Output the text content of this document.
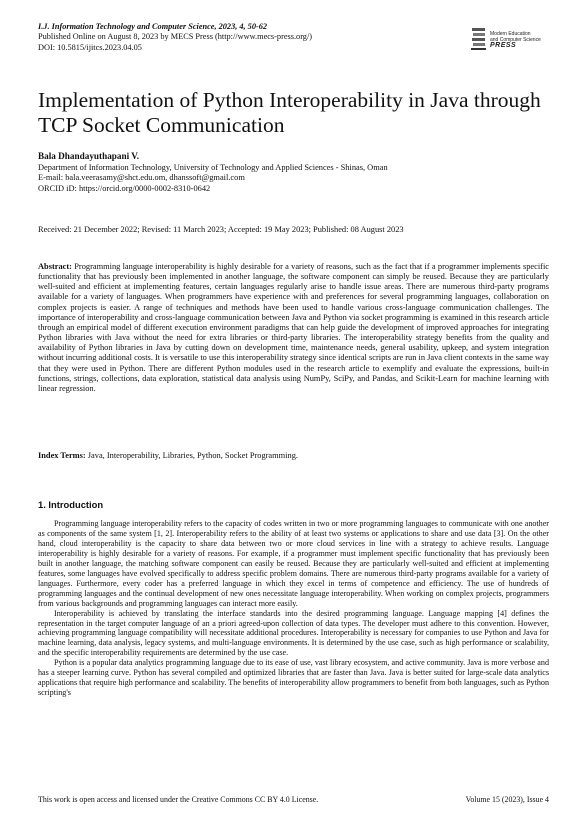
I.J. Information Technology and Computer Science, 2023, 4, 50-62
Published Online on August 8, 2023 by MECS Press (http://www.mecs-press.org/)
DOI: 10.5815/ijitcs.2023.04.05
Modern Education
and Computer Science
PRESS
Implementation of Python Interoperability in Java through TCP Socket Communication
Bala Dhandayuthapani V.
Department of Information Technology, University of Technology and Applied Sciences - Shinas, Oman
E-mail: bala.veerasamy@shct.edu.om, dhanssoft@gmail.com
ORCID iD: https://orcid.org/0000-0002-8310-0642
Received: 21 December 2022; Revised: 11 March 2023; Accepted: 19 May 2023; Published: 08 August 2023
Abstract: Programming language interoperability is highly desirable for a variety of reasons, such as the fact that if a programmer implements specific functionality that has previously been implemented in another language, the software component can simply be reused. Because they are particularly well-suited and efficient at implementing features, certain languages regularly arise to handle issue areas. There are numerous third-party programs available for a variety of languages. When programmers have experience with and preferences for several programming languages, collaboration on complex projects is easier. A range of techniques and methods have been used to handle various cross-language communication challenges. The importance of interoperability and cross-language communication between Java and Python via socket programming is examined in this research article through an empirical model of different execution environment paradigms that can help guide the development of improved approaches for integrating Python libraries with Java without the need for extra libraries or third-party libraries. The interoperability strategy benefits from the quality and availability of Python libraries in Java by cutting down on development time, maintenance needs, general usability, upkeep, and system integration without incurring additional costs. It is versatile to use this interoperability strategy since identical scripts are run in Java client contexts in the same way that they were used in Python. There are different Python modules used in the research article to exemplify and evaluate the expressions, built-in functions, strings, collections, data exploration, statistical data analysis using NumPy, SciPy, and Pandas, and Scikit-Learn for machine learning with linear regression.
Index Terms: Java, Interoperability, Libraries, Python, Socket Programming.
1. Introduction

Programming language interoperability refers to the capacity of codes written in two or more programming languages to communicate with one another as components of the same system [1, 2]. Interoperability refers to the ability of at least two systems or applications to share and use data [3]. On the other hand, cloud interoperability is the capacity to share data between two or more cloud services in line with a strategy to achieve results. Language interoperability is highly desirable for a variety of reasons. For example, if a programmer must implement specific functionality that has previously been built in another language, the matching software component can easily be reused. Because they are particularly well-suited and efficient at implementing features, some languages have evolved specifically to address specific problem domains. There are numerous third-party programs available for a variety of languages. Furthermore, every coder has a preferred language in which they excel in terms of competence and efficiency. The use of hundreds of programming languages and the continual development of new ones necessitate language interoperability. When working on complex projects, programmers from various backgrounds and programming languages can interact more easily.

Interoperability is achieved by translating the interface standards into the desired programming language. Language mapping [4] defines the representation in the target computer language of an a priori agreed-upon collection of data types. The developer must adhere to this convention. However, achieving programming language compatibility will necessitate additional procedures. Interoperability is necessary for companies to use Python and Java for machine learning, data analysis, legacy systems, and multi-language environments. It is determined by the use case, such as high performance or scalability, and the specific interoperability requirements are determined by the use case.

Python is a popular data analytics programming language due to its ease of use, vast library ecosystem, and active community. Java is more verbose and has a steeper learning curve. Python has several compiled and optimized libraries that are faster than Java. Java is better suited for large-scale data analytics applications that require high performance and scalability. The benefits of interoperability allow programmers to benefit from both languages, such as Python scripting's

This work is open access and licensed under the Creative Commons CC BY 4.0 License.	Volume 15 (2023), Issue 4
